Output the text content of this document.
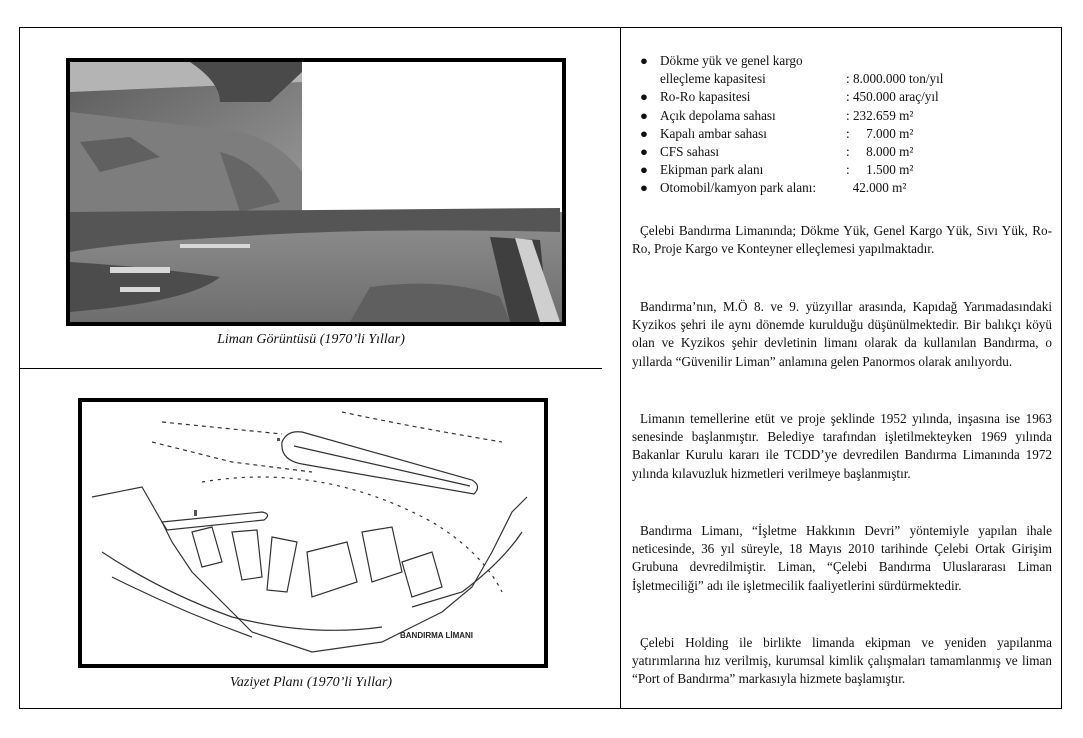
Liman Görüntüsü (1970’li Yıllar)
BANDIRMA LİMANI
Vaziyet Planı (1970’li Yıllar)
● Dökme yük ve genel kargo
elleçleme kapasitesi	: 8.000.000 ton/yıl
● Ro-Ro kapasitesi	: 450.000 araç/yıl
● Açık depolama sahası	: 232.659 m²
● Kapalı ambar sahası	:     7.000 m²
● CFS sahası	:     8.000 m²
● Ekipman park alanı	:     1.500 m²
● Otomobil/kamyon park alanı:	42.000 m²

Çelebi Bandırma Limanında; Dökme Yük, Genel Kargo Yük, Sıvı Yük, Ro-Ro, Proje Kargo ve Konteyner elleçlemesi yapılmaktadır.

Bandırma’nın, M.Ö 8. ve 9. yüzyıllar arasında, Kapıdağ Yarımadasındaki Kyzikos şehri ile aynı dönemde kurulduğu düşünülmektedir. Bir balıkçı köyü olan ve Kyzikos şehir devletinin limanı olarak da kullanılan Bandırma, o yıllarda “Güvenilir Liman” anlamına gelen Panormos olarak anılıyordu.

Limanın temellerine etüt ve proje şeklinde 1952 yılında, inşasına ise 1963 senesinde başlanmıştır. Belediye tarafından işletilmekteyken 1969 yılında Bakanlar Kurulu kararı ile TCDD’ye devredilen Bandırma Limanında 1972 yılında kılavuzluk hizmetleri verilmeye başlanmıştır.

Bandırma Limanı, “İşletme Hakkının Devri” yöntemiyle yapılan ihale neticesinde, 36 yıl süreyle, 18 Mayıs 2010 tarihinde Çelebi Ortak Girişim Grubuna devredilmiştir. Liman, “Çelebi Bandırma Uluslararası Liman İşletmeciliği” adı ile işletmecilik faaliyetlerini sürdürmektedir.

Çelebi Holding ile birlikte limanda ekipman ve yeniden yapılanma yatırımlarına hız verilmiş, kurumsal kimlik çalışmaları tamamlanmış ve liman “Port of Bandırma” markasıyla hizmete başlamıştır.
